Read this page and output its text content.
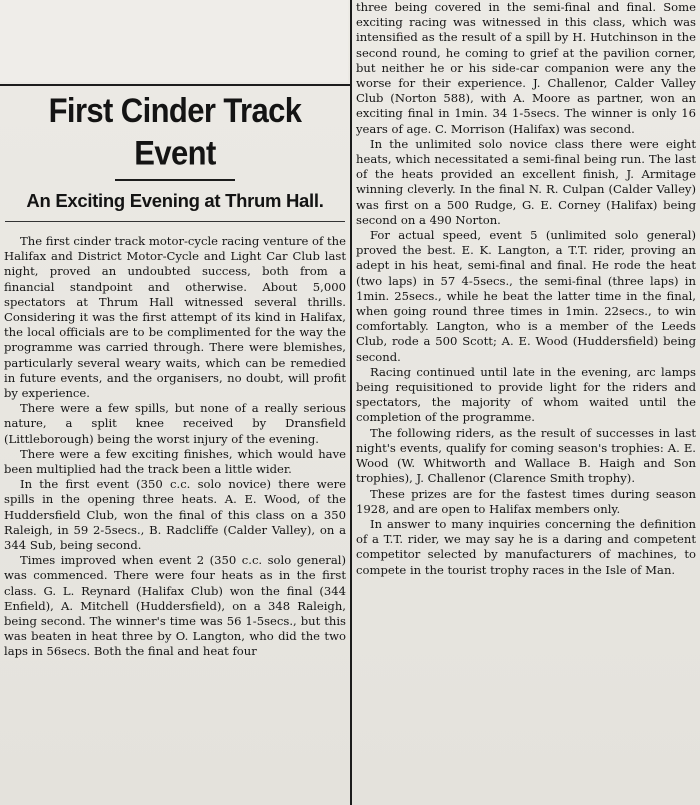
First Cinder Track Event
An Exciting Evening at Thrum Hall.

The first cinder track motor-cycle racing venture of the Halifax and District Motor-Cycle and Light Car Club last night, proved an undoubted success, both from a financial standpoint and otherwise. About 5,000 spectators at Thrum Hall witnessed several thrills. Considering it was the first attempt of its kind in Halifax, the local officials are to be complimented for the way the programme was carried through. There were blemishes, particularly several weary waits, which can be remedied in future events, and the organisers, no doubt, will profit by experience.

There were a few spills, but none of a really serious nature, a split knee received by Dransfield (Littleborough) being the worst injury of the evening.

There were a few exciting finishes, which would have been multiplied had the track been a little wider.

In the first event (350 c.c. solo novice) there were spills in the opening three heats. A. E. Wood, of the Huddersfield Club, won the final of this class on a 350 Raleigh, in 59 2-5secs., B. Radcliffe (Calder Valley), on a 344 Sub, being second.

Times improved when event 2 (350 c.c. solo general) was commenced. There were four heats as in the first class. G. L. Reynard (Halifax Club) won the final (344 Enfield), A. Mitchell (Huddersfield), on a 348 Raleigh, being second. The winner's time was 56 1-5secs., but this was beaten in heat three by O. Langton, who did the two laps in 56secs. Both the final and heat four

three being covered in the semi-final and final. Some exciting racing was witnessed in this class, which was intensified as the result of a spill by H. Hutchinson in the second round, he coming to grief at the pavilion corner, but neither he or his side-car companion were any the worse for their experience. J. Challenor, Calder Valley Club (Norton 588), with A. Moore as partner, won an exciting final in 1min. 34 1-5secs. The winner is only 16 years of age. C. Morrison (Halifax) was second.

In the unlimited solo novice class there were eight heats, which necessitated a semi-final being run. The last of the heats provided an excellent finish, J. Armitage winning cleverly. In the final N. R. Culpan (Calder Valley) was first on a 500 Rudge, G. E. Corney (Halifax) being second on a 490 Norton.

For actual speed, event 5 (unlimited solo general) proved the best. E. K. Langton, a T.T. rider, proving an adept in his heat, semi-final and final. He rode the heat (two laps) in 57 4-5secs., the semi-final (three laps) in 1min. 25secs., while he beat the latter time in the final, when going round three times in 1min. 22secs., to win comfortably. Langton, who is a member of the Leeds Club, rode a 500 Scott; A. E. Wood (Huddersfield) being second.

Racing continued until late in the evening, arc lamps being requisitioned to provide light for the riders and spectators, the majority of whom waited until the completion of the programme.

The following riders, as the result of successes in last night's events, qualify for coming season's trophies: A. E. Wood (W. Whitworth and Wallace B. Haigh and Son trophies), J. Challenor (Clarence Smith trophy).

These prizes are for the fastest times during season 1928, and are open to Halifax members only.

In answer to many inquiries concerning the definition of a T.T. rider, we may say he is a daring and competent competitor selected by manufacturers of machines, to compete in the tourist trophy races in the Isle of Man.
